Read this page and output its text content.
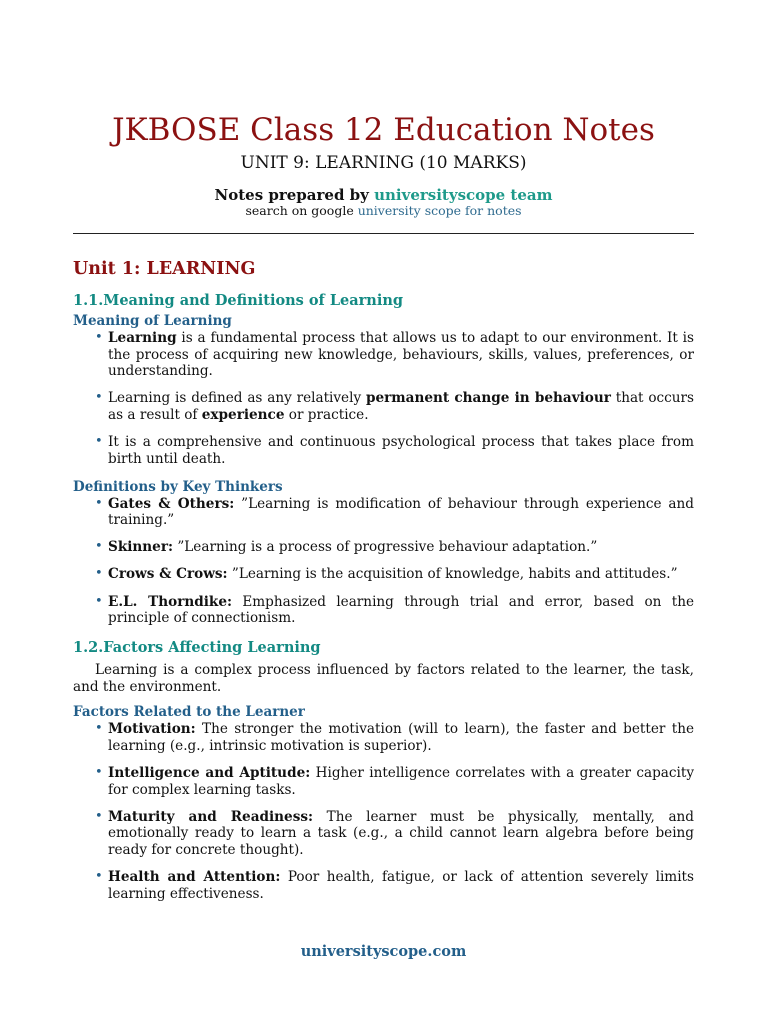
JKBOSE Class 12 Education Notes
UNIT 9: LEARNING (10 MARKS)
Notes prepared by universityscope team
search on google university scope for notes
Unit 1: LEARNING
1.1.Meaning and Definitions of Learning
Meaning of Learning
• Learning is a fundamental process that allows us to adapt to our environment. It is the process of acquiring new knowledge, behaviours, skills, values, preferences, or understanding.
• Learning is defined as any relatively permanent change in behaviour that occurs as a result of experience or practice.
• It is a comprehensive and continuous psychological process that takes place from birth until death.
Definitions by Key Thinkers
• Gates & Others: ”Learning is modification of behaviour through experience and training.”
• Skinner: ”Learning is a process of progressive behaviour adaptation.”
• Crows & Crows: ”Learning is the acquisition of knowledge, habits and attitudes.”
• E.L. Thorndike: Emphasized learning through trial and error, based on the principle of connectionism.
1.2.Factors Affecting Learning

Learning is a complex process influenced by factors related to the learner, the task, and the environment.

Factors Related to the Learner
• Motivation: The stronger the motivation (will to learn), the faster and better the learning (e.g., intrinsic motivation is superior).
• Intelligence and Aptitude: Higher intelligence correlates with a greater capacity for complex learning tasks.
• Maturity and Readiness: The learner must be physically, mentally, and emotionally ready to learn a task (e.g., a child cannot learn algebra before being ready for concrete thought).
• Health and Attention: Poor health, fatigue, or lack of attention severely limits learning effectiveness.
universityscope.com
